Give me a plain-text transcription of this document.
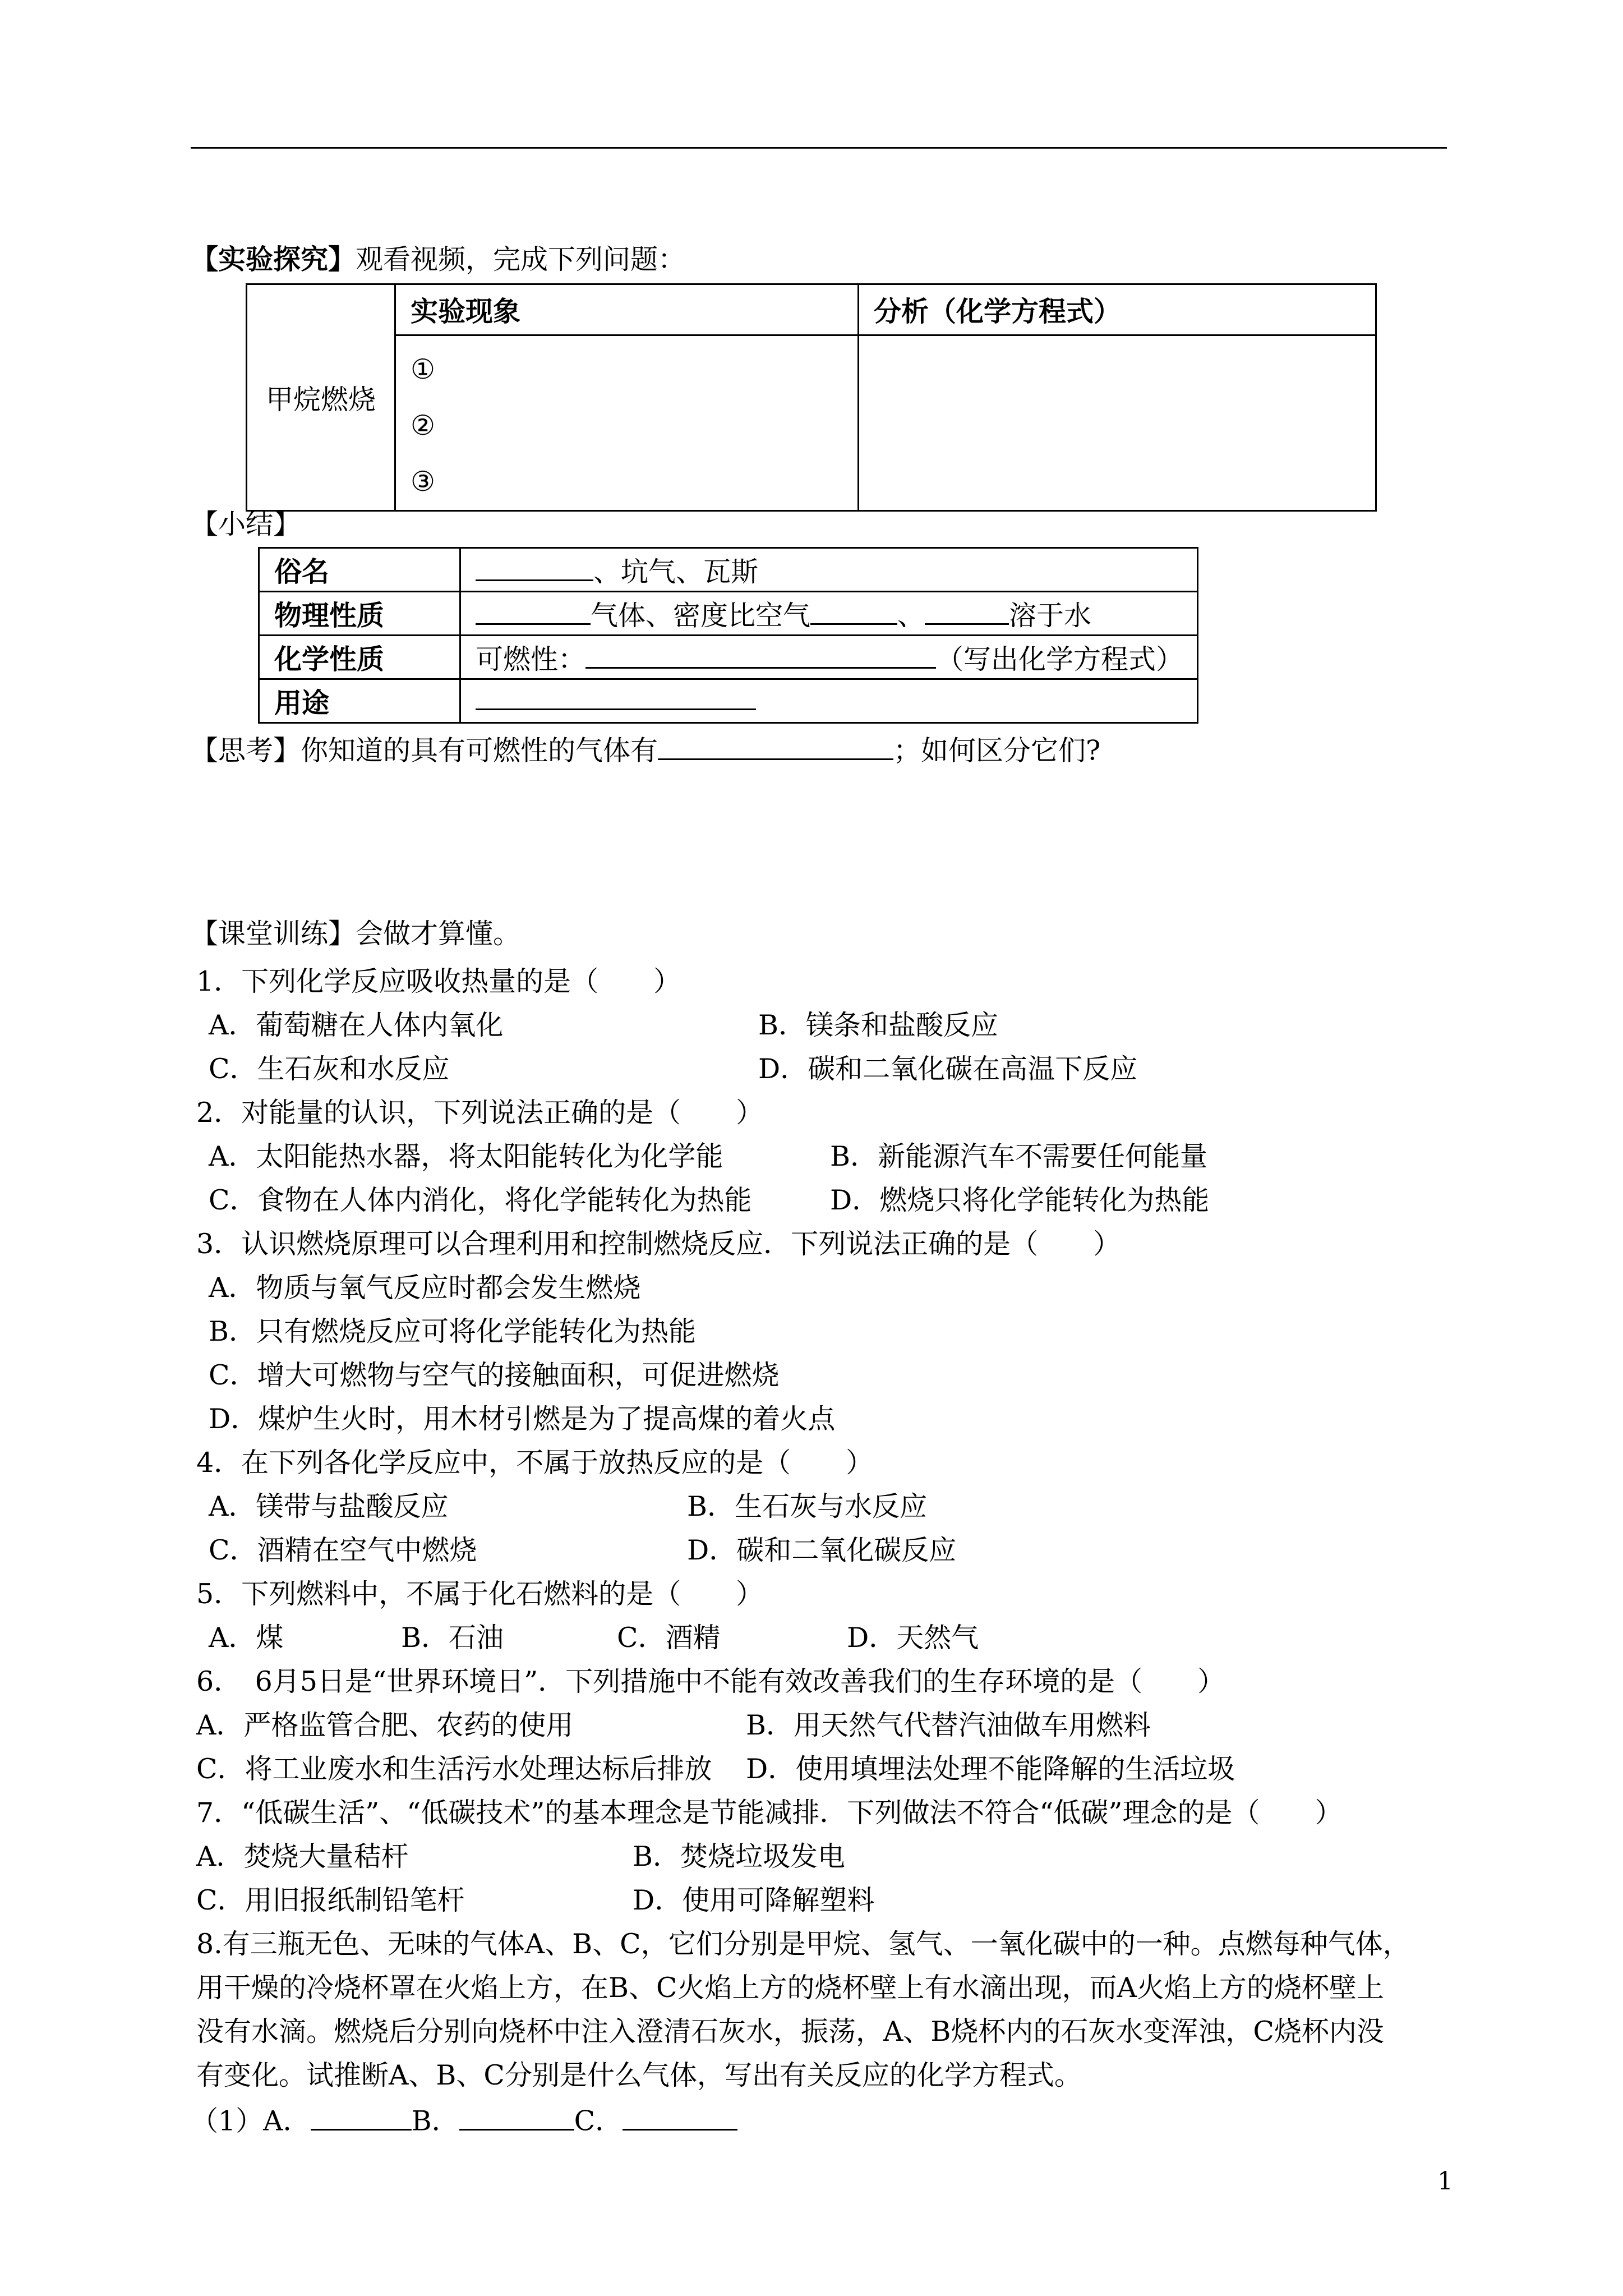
【实验探究】观看视频，完成下列问题：
甲烷燃烧	实验现象	分析（化学方程式）

	①
②
③	

【小结】
俗名	、坑气、瓦斯
物理性质	气体、密度比空气 、 溶于水
化学性质	可燃性： （写出化学方程式）
用途	
【思考】你知道的具有可燃性的气体有	；如何区分它们?
【课堂训练】会做才算懂。
1．下列化学反应吸收热量的是（　　）
A．葡萄糖在人体内氧化	B．镁条和盐酸反应
C．生石灰和水反应	D．碳和二氧化碳在高温下反应
2．对能量的认识，下列说法正确的是（　　）
A．太阳能热水器，将太阳能转化为化学能	B．新能源汽车不需要任何能量
C．食物在人体内消化，将化学能转化为热能	D．燃烧只将化学能转化为热能
3．认识燃烧原理可以合理利用和控制燃烧反应．下列说法正确的是（　　）
A．物质与氧气反应时都会发生燃烧
B．只有燃烧反应可将化学能转化为热能
C．增大可燃物与空气的接触面积，可促进燃烧
D．煤炉生火时，用木材引燃是为了提高煤的着火点
4．在下列各化学反应中，不属于放热反应的是（　　）
A．镁带与盐酸反应	B．生石灰与水反应
C．酒精在空气中燃烧	D．碳和二氧化碳反应
5．下列燃料中，不属于化石燃料的是（　　）
A．煤	B．石油	C．酒精	D．天然气
6．　6月5日是“世界环境日”．下列措施中不能有效改善我们的生存环境的是（　　）
A．严格监管合肥、农药的使用	B．用天然气代替汽油做车用燃料
C．将工业废水和生活污水处理达标后排放 D．使用填埋法处理不能降解的生活垃圾
7．“低碳生活”、“低碳技术”的基本理念是节能减排．下列做法不符合“低碳”理念的是（　　）
A．焚烧大量秸杆	B．焚烧垃圾发电
C．用旧报纸制铅笔杆	D．使用可降解塑料
8.有三瓶无色、无味的气体A、B、C，它们分别是甲烷、氢气、一氧化碳中的一种。点燃每种气体，
用干燥的冷烧杯罩在火焰上方，在B、C火焰上方的烧杯壁上有水滴出现，而A火焰上方的烧杯壁上
没有水滴。燃烧后分别向烧杯中注入澄清石灰水，振荡，A、B烧杯内的石灰水变浑浊，C烧杯内没
有变化。试推断A、B、C分别是什么气体，写出有关反应的化学方程式。
（1）A．	B．	C．
1
